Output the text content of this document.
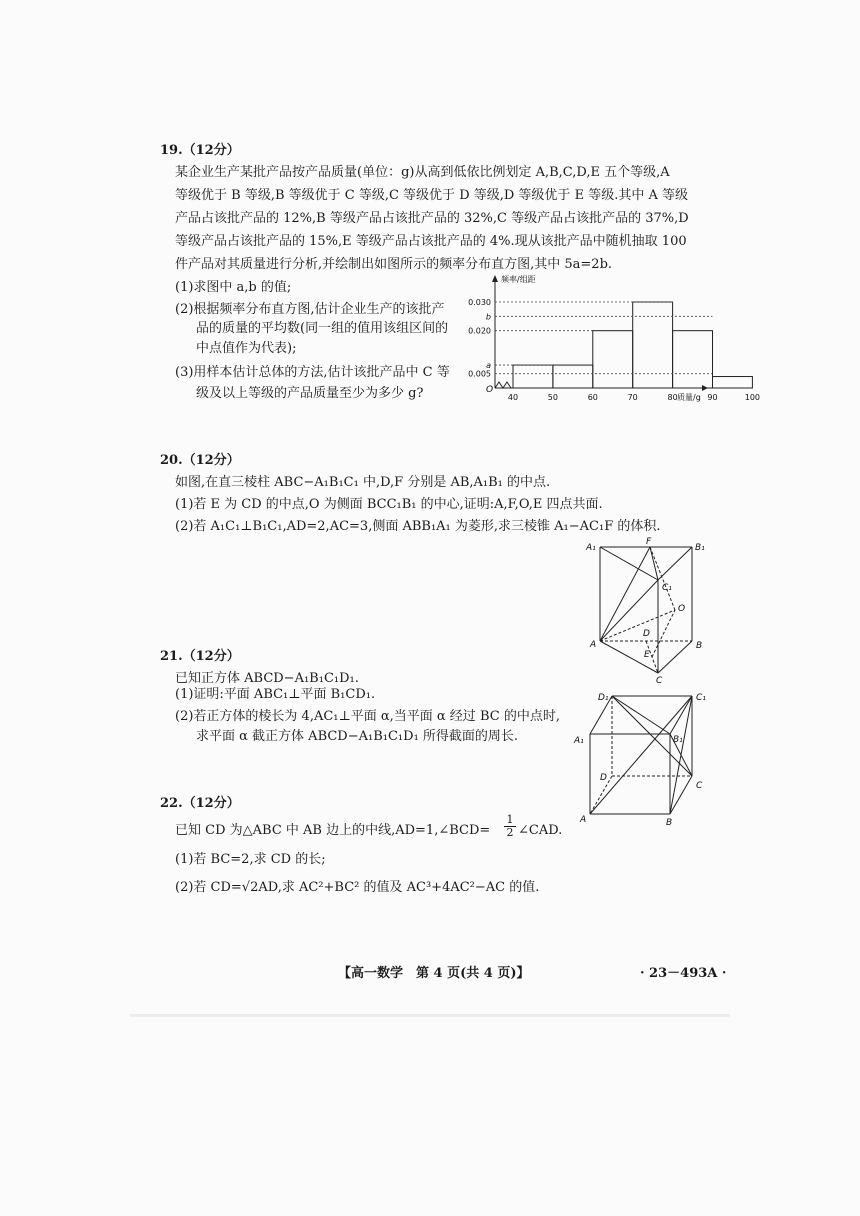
19.（12分）
某企业生产某批产品按产品质量(单位：g)从高到低依比例划定 A,B,C,D,E 五个等级,A
等级优于 B 等级,B 等级优于 C 等级,C 等级优于 D 等级,D 等级优于 E 等级.其中 A 等级
产品占该批产品的 12%,B 等级产品占该批产品的 32%,C 等级产品占该批产品的 37%,D
等级产品占该批产品的 15%,E 等级产品占该批产品的 4%.现从该批产品中随机抽取 100
件产品对其质量进行分析,并绘制出如图所示的频率分布直方图,其中 5a=2b.
(1)求图中 a,b 的值;
(2)根据频率分布直方图,估计企业生产的该批产
品的质量的平均数(同一组的值用该组区间的
中点值作为代表);
(3)用样本估计总体的方法,估计该批产品中 C 等
级及以上等级的产品质量至少为多少 g?
0.030
b
0.020
a
0.005
40	50	60	70	80	90	100
O
频率/组距
质量/g
20.（12分）
如图,在直三棱柱 ABC−A₁B₁C₁ 中,D,F 分别是 AB,A₁B₁ 的中点.
(1)若 E 为 CD 的中点,O 为侧面 BCC₁B₁ 的中心,证明:A,F,O,E 四点共面.
(2)若 A₁C₁⊥B₁C₁,AD=2,AC=3,侧面 ABB₁A₁ 为菱形,求三棱锥 A₁−AC₁F 的体积.
A₁
F
B₁
C₁
O
A
D
B
E
C
21.（12分）
已知正方体 ABCD−A₁B₁C₁D₁.
(1)证明:平面 ABC₁⊥平面 B₁CD₁.
(2)若正方体的棱长为 4,AC₁⊥平面 α,当平面 α 经过 BC 的中点时,
求平面 α 截正方体 ABCD−A₁B₁C₁D₁ 所得截面的周长.
D₁	C₁
A₁	B₁
D
C
A	B
22.（12分）
已知 CD 为△ABC 中 AB 边上的中线,AD=1,∠BCD= $\frac{1}{2}$ ∠CAD.
(1)若 BC=2,求 CD 的长;
(2)若 CD=√2AD,求 AC²+BC² 的值及 AC³+4AC²−AC 的值.
【高一数学　第 4 页(共 4 页)】	· 23－493A ·
